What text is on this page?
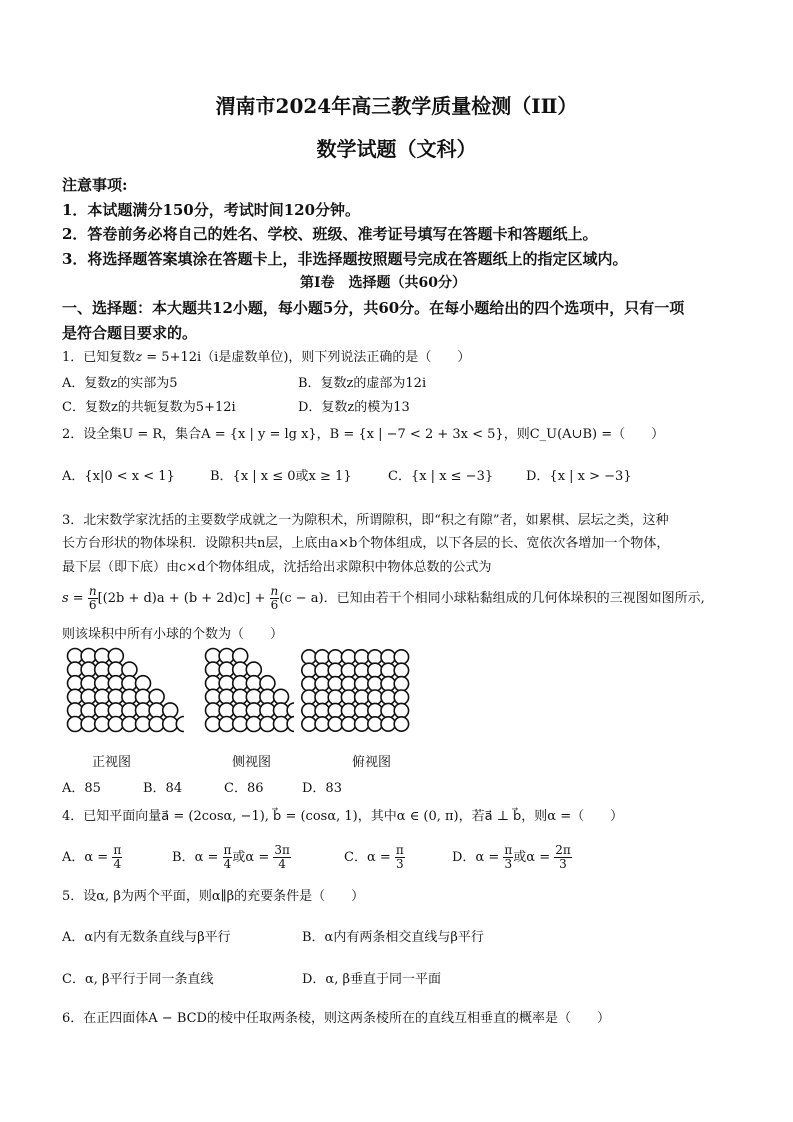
渭南市2024年高三教学质量检测（IⅡ）
数学试题（文科）
注意事项:
1．本试题满分150分，考试时间120分钟。
2．答卷前务必将自己的姓名、学校、班级、准考证号填写在答题卡和答题纸上。
3．将选择题答案填涂在答题卡上，非选择题按照题号完成在答题纸上的指定区域内。
第Ⅰ卷　选择题（共60分）
一、选择题：本大题共12小题，每小题5分，共60分。在每小题给出的四个选项中，只有一项
是符合题目要求的。
1．已知复数z = 5+12i（i是虚数单位)，则下列说法正确的是（　　）
A．复数z的实部为5	B．复数z的虚部为12i
C．复数z的共轭复数为5+12i	D．复数z的模为13
2．设全集U = R，集合A = {x | y = lg x}，B = {x | −7 < 2 + 3x < 5}，则C_U(A∪B) =（　　）
A．{x|0 < x < 1}	B．{x | x ≤ 0或x ≥ 1}	C．{x | x ≤ −3}	D．{x | x > −3}
3．北宋数学家沈括的主要数学成就之一为隙积术，所谓隙积，即“积之有隙”者，如累棋、层坛之类，这种
长方台形状的物体垛积．设隙积共n层，上底由a×b个物体组成，以下各层的长、宽依次各增加一个物体，
最下层（即下底）由c×d个物体组成，沈括给出求隙积中物体总数的公式为
$s = \frac{n}{6} [(2b + d)a + (b + 2d)c] + \frac{n}{6} (c - a)$．已知由若干个相同小球粘黏组成的几何体垛积的三视图如图所示,
则该垛积中所有小球的个数为（　　）
正视图	侧视图	俯视图
A．85	B．84	C．86	D．83
4．已知平面向量a⃗ = (2cosα, −1), b⃗ = (cosα, 1)，其中α ∈ (0, π)，若a⃗ ⊥ b⃗，则α =（　　）
A．$\alpha = \frac{\pi}{4}$	B．$\alpha = \frac{\pi}{4}$ 或$\alpha = \frac{3\pi}{4}$	C．$\alpha = \frac{\pi}{3}$	D．$\alpha = \frac{\pi}{3}$ 或$\alpha = \frac{2\pi}{3}$
5．设α, β为两个平面，则α∥β的充要条件是（　　）
A．α内有无数条直线与β平行	B．α内有两条相交直线与β平行
C．α, β平行于同一条直线	D．α, β垂直于同一平面
6．在正四面体A − BCD的棱中任取两条棱，则这两条棱所在的直线互相垂直的概率是（　　）
